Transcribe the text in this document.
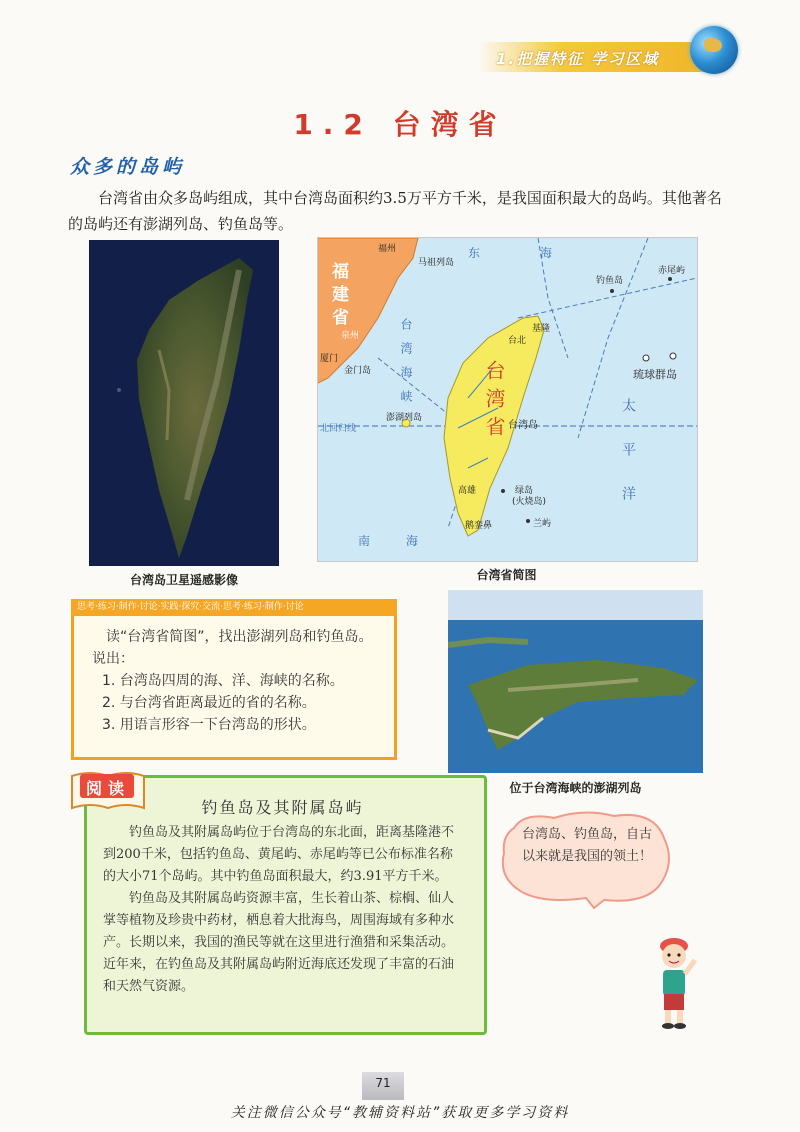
1.把握特征 学习区域
1.2 台湾省
众多的岛屿
台湾省由众多岛屿组成，其中台湾岛面积约3.5万平方千米，是我国面积最大的岛屿。其他著名的岛屿还有澎湖列岛、钓鱼岛等。
台湾岛卫星遥感影像
福建省
福州
马祖列岛
泉州
厦门
金门岛
澎湖列岛
北回归线
基隆
台北
台湾省 台湾岛
高雄
鹅銮鼻
绿岛
(火烧岛)
兰屿
钓鱼岛
赤尾屿
琉球群岛
东海
南海
台湾海峡
太平洋
台湾省简图
思考·练习·制作·讨论·实践·探究·交流·思考·练习·制作·讨论
读“台湾省简图”，找出澎湖列岛和钓鱼岛。说出：
1. 台湾岛四周的海、洋、海峡的名称。
2. 与台湾省距离最近的省的名称。
3. 用语言形容一下台湾岛的形状。
位于台湾海峡的澎湖列岛
阅读
钓鱼岛及其附属岛屿

钓鱼岛及其附属岛屿位于台湾岛的东北面，距离基隆港不到200千米，包括钓鱼岛、黄尾屿、赤尾屿等已公布标准名称的大小71个岛屿。其中钓鱼岛面积最大，约3.91平方千米。

钓鱼岛及其附属岛屿资源丰富，生长着山茶、棕榈、仙人掌等植物及珍贵中药材，栖息着大批海鸟，周围海域有多种水产。长期以来，我国的渔民等就在这里进行渔猎和采集活动。近年来，在钓鱼岛及其附属岛屿附近海底还发现了丰富的石油和天然气资源。

台湾岛、钓鱼岛，自古以来就是我国的领土！
71
关注微信公众号“教辅资料站”获取更多学习资料
